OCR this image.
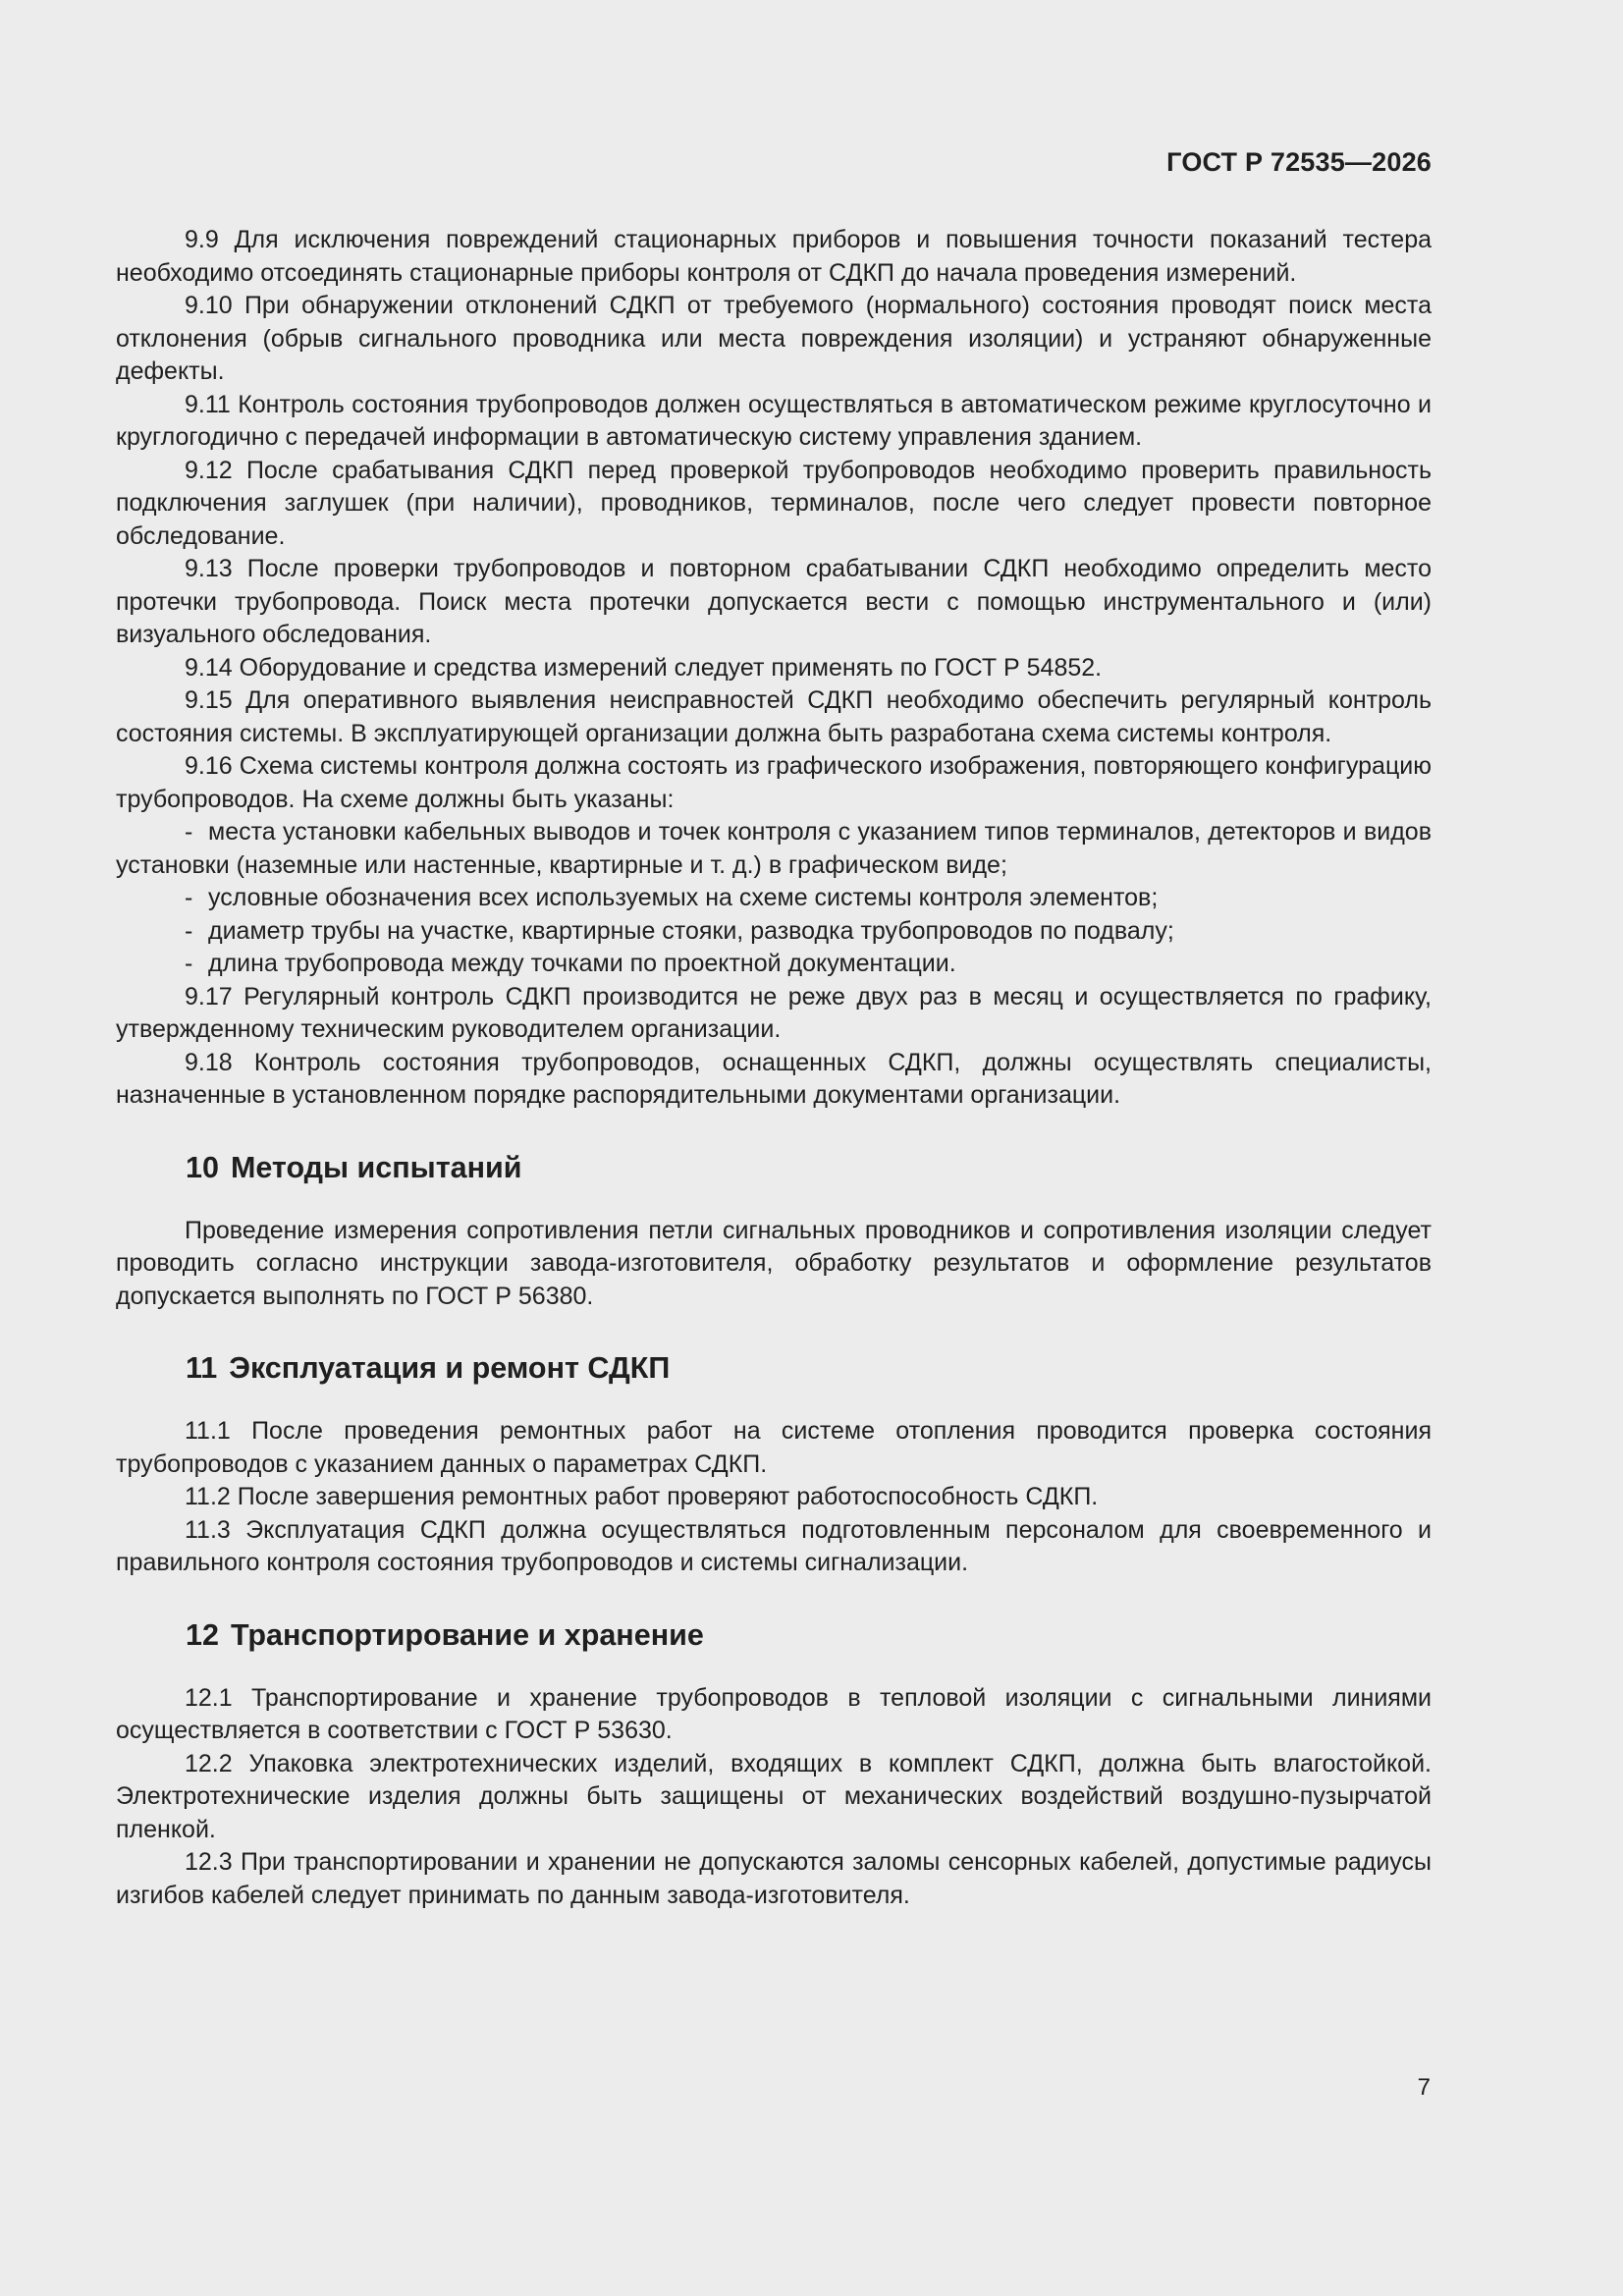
ГОСТ Р 72535—2026

9.9 Для исключения повреждений стационарных приборов и повышения точности показаний тестера необходимо отсоединять стационарные приборы контроля от СДКП до начала проведения измерений.

9.10 При обнаружении отклонений СДКП от требуемого (нормального) состояния проводят поиск места отклонения (обрыв сигнального проводника или места повреждения изоляции) и устраняют обнаруженные дефекты.

9.11 Контроль состояния трубопроводов должен осуществляться в автоматическом режиме круглосуточно и круглогодично с передачей информации в автоматическую систему управления зданием.

9.12 После срабатывания СДКП перед проверкой трубопроводов необходимо проверить правильность подключения заглушек (при наличии), проводников, терминалов, после чего следует провести повторное обследование.

9.13 После проверки трубопроводов и повторном срабатывании СДКП необходимо определить место протечки трубопровода. Поиск места протечки допускается вести с помощью инструментального и (или) визуального обследования.

9.14 Оборудование и средства измерений следует применять по ГОСТ Р 54852.

9.15 Для оперативного выявления неисправностей СДКП необходимо обеспечить регулярный контроль состояния системы. В эксплуатирующей организации должна быть разработана схема системы контроля.

9.16 Схема системы контроля должна состоять из графического изображения, повторяющего конфигурацию трубопроводов. На схеме должны быть указаны:

- места установки кабельных выводов и точек контроля с указанием типов терминалов, детекторов и видов установки (наземные или настенные, квартирные и т. д.) в графическом виде;

- условные обозначения всех используемых на схеме системы контроля элементов;

- диаметр трубы на участке, квартирные стояки, разводка трубопроводов по подвалу;

- длина трубопровода между точками по проектной документации.

9.17 Регулярный контроль СДКП производится не реже двух раз в месяц и осуществляется по графику, утвержденному техническим руководителем организации.

9.18 Контроль состояния трубопроводов, оснащенных СДКП, должны осуществлять специалисты, назначенные в установленном порядке распорядительными документами организации.

10 Методы испытаний

Проведение измерения сопротивления петли сигнальных проводников и сопротивления изоляции следует проводить согласно инструкции завода-изготовителя, обработку результатов и оформление результатов допускается выполнять по ГОСТ Р 56380.

11 Эксплуатация и ремонт СДКП

11.1 После проведения ремонтных работ на системе отопления проводится проверка состояния трубопроводов с указанием данных о параметрах СДКП.

11.2 После завершения ремонтных работ проверяют работоспособность СДКП.

11.3 Эксплуатация СДКП должна осуществляться подготовленным персоналом для своевременного и правильного контроля состояния трубопроводов и системы сигнализации.

12 Транспортирование и хранение

12.1 Транспортирование и хранение трубопроводов в тепловой изоляции с сигнальными линиями осуществляется в соответствии с ГОСТ Р 53630.

12.2 Упаковка электротехнических изделий, входящих в комплект СДКП, должна быть влагостойкой. Электротехнические изделия должны быть защищены от механических воздействий воздушно-пузырчатой пленкой.

12.3 При транспортировании и хранении не допускаются заломы сенсорных кабелей, допустимые радиусы изгибов кабелей следует принимать по данным завода-изготовителя.

7
